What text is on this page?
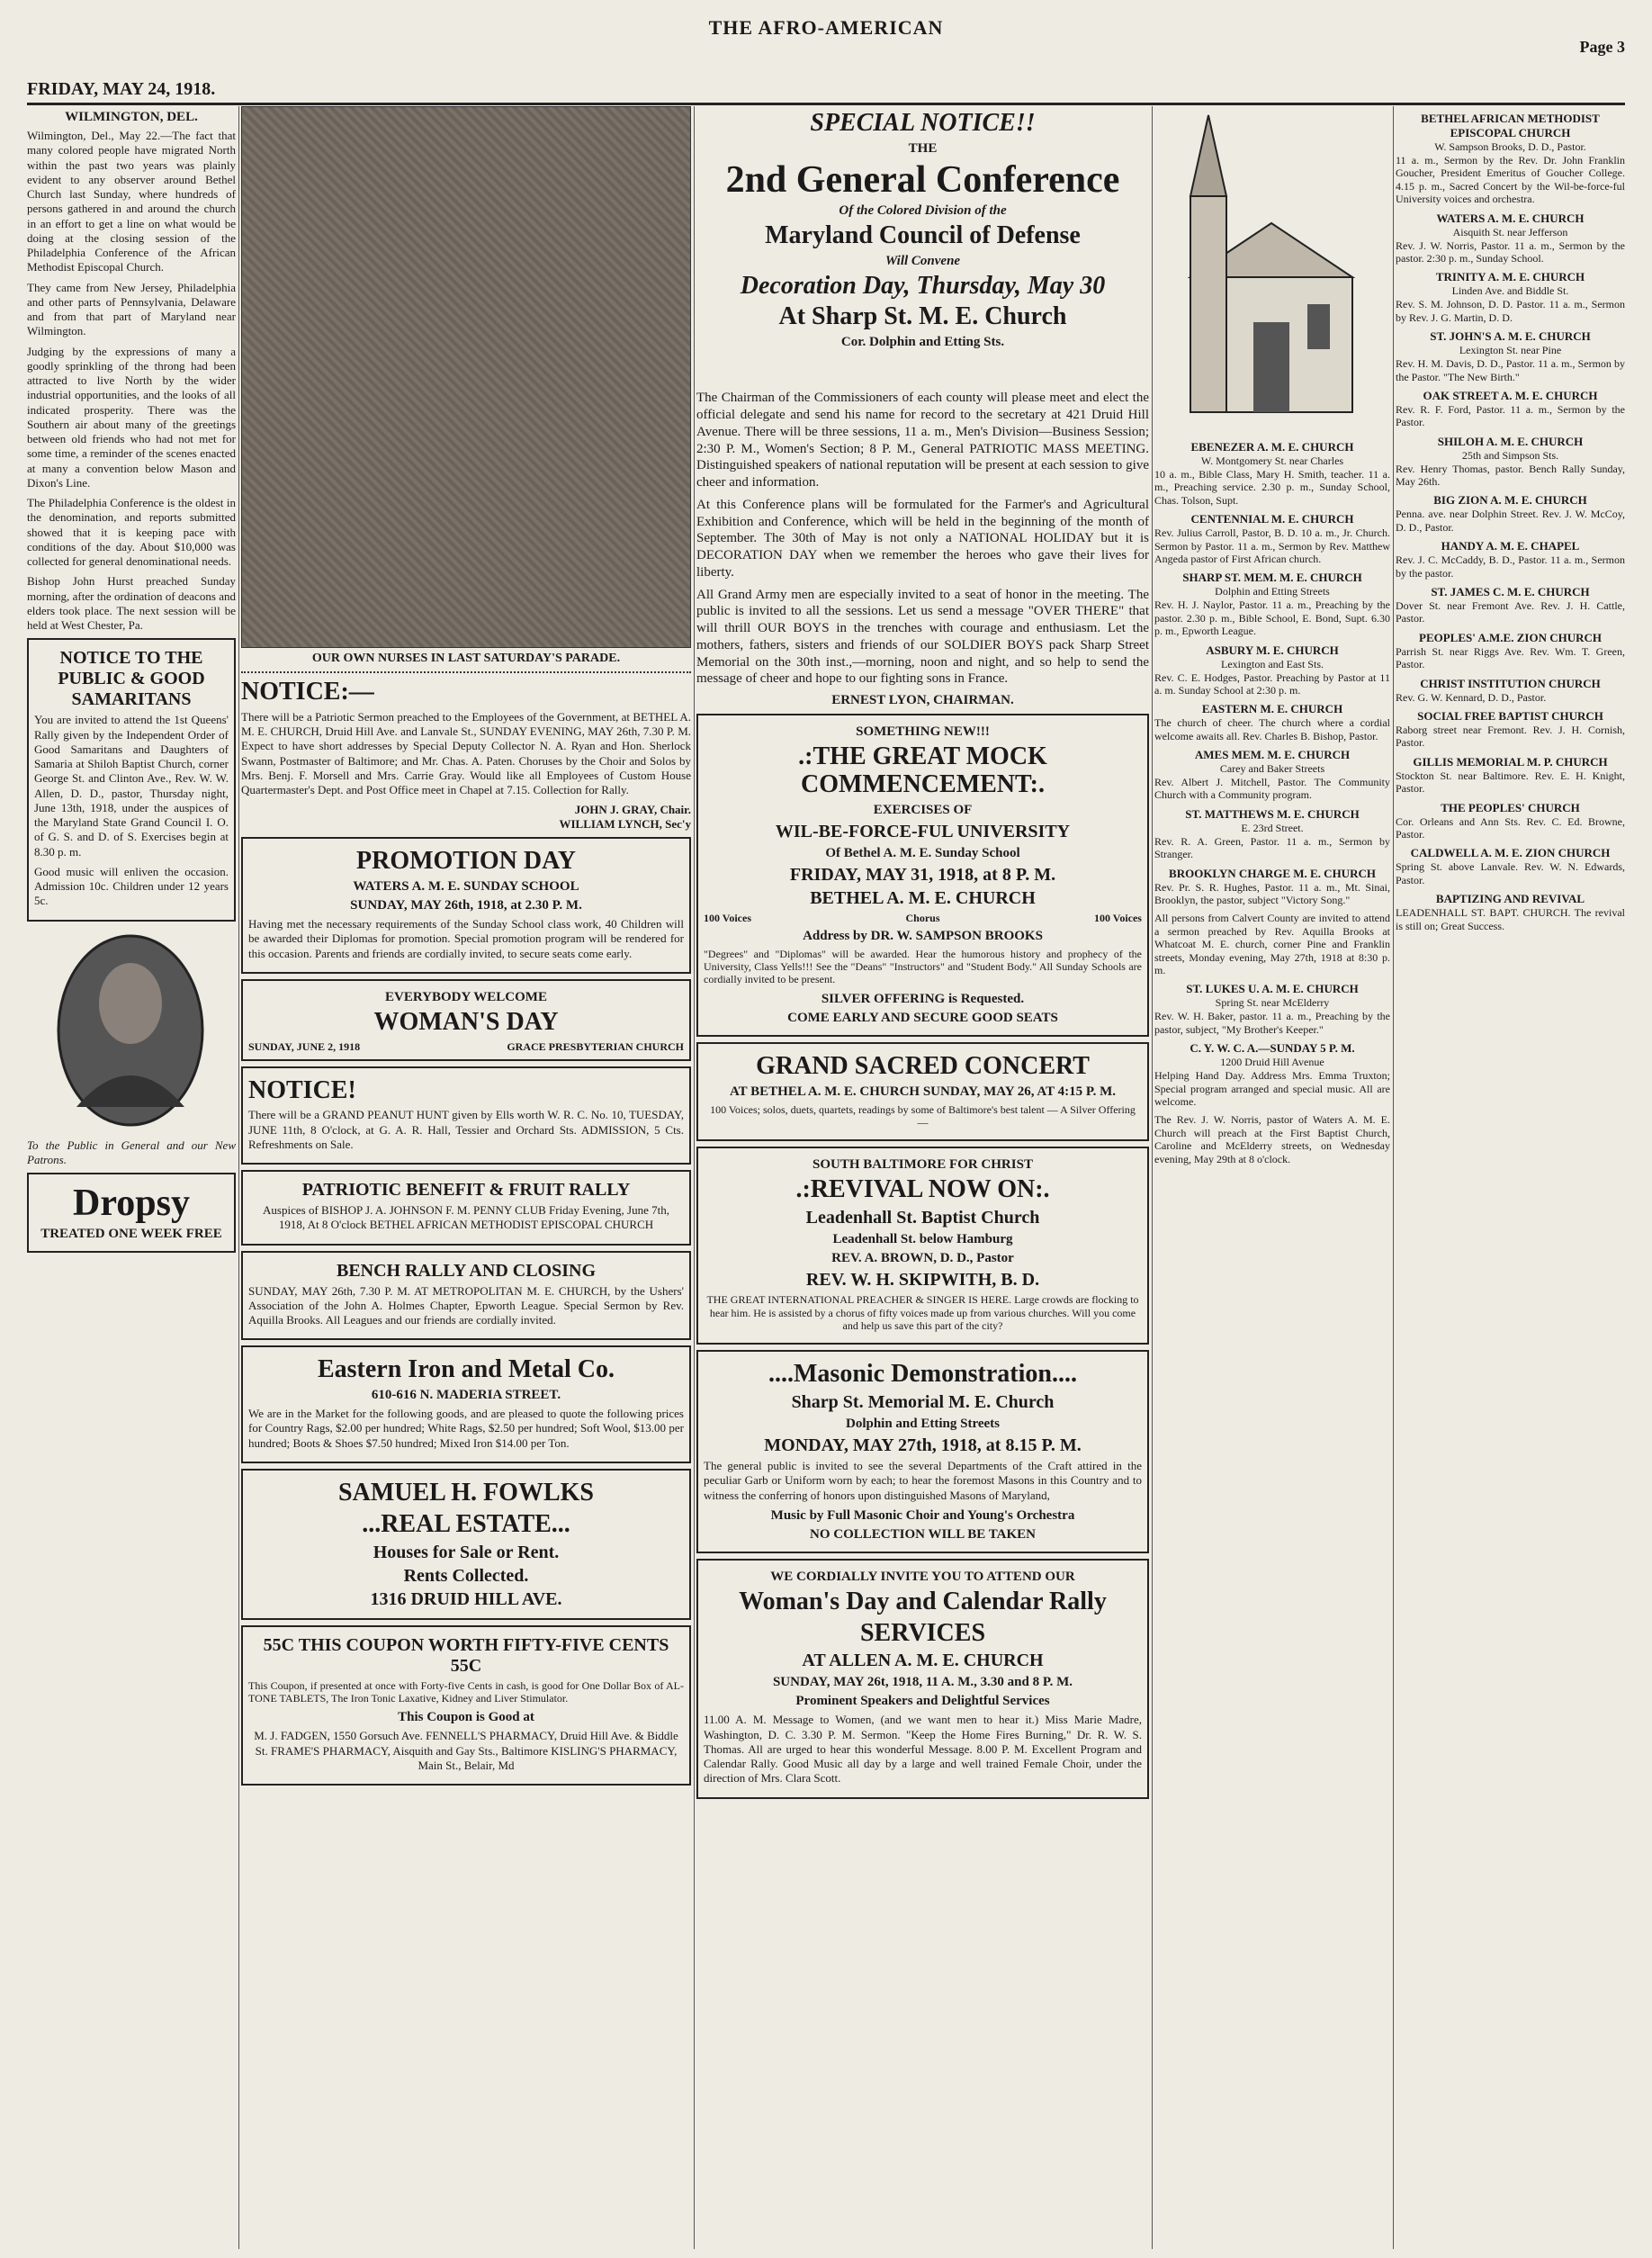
THE AFRO-AMERICAN
FRIDAY, MAY 24, 1918.
Page 3
WILMINGTON, DEL.

Wilmington, Del., May 22.—The fact that many colored people have migrated North within the past two years was plainly evident to any observer around Bethel Church last Sunday, where hundreds of persons gathered in and around the church in an effort to get a line on what would be doing at the closing session of the Philadelphia Conference of the African Methodist Episcopal Church.

They came from New Jersey, Philadelphia and other parts of Pennsylvania, Delaware and from that part of Maryland near Wilmington.

Judging by the expressions of many a goodly sprinkling of the throng had been attracted to live North by the wider industrial opportunities, and the looks of all indicated prosperity. There was the Southern air about many of the greetings between old friends who had not met for some time, a reminder of the scenes enacted at many a convention below Mason and Dixon's Line.

The Philadelphia Conference is the oldest in the denomination, and reports submitted showed that it is keeping pace with conditions of the day. About $10,000 was collected for general denominational needs.

Bishop John Hurst preached Sunday morning, after the ordination of deacons and elders took place. The next session will be held at West Chester, Pa.

NOTICE TO THE PUBLIC & GOOD SAMARITANS

You are invited to attend the 1st Queens' Rally given by the Independent Order of Good Samaritans and Daughters of Samaria at Shiloh Baptist Church, corner George St. and Clinton Ave., Rev. W. W. Allen, D. D., pastor, Thursday night, June 13th, 1918, under the auspices of the Maryland State Grand Council I. O. of G. S. and D. of S. Exercises begin at 8.30 p. m.

Good music will enliven the occasion. Admission 10c. Children under 12 years 5c.

To the Public in General and our New Patrons.
Dropsy
TREATED ONE WEEK FREE
OUR OWN NURSES IN LAST SATURDAY'S PARADE.
NOTICE:—

There will be a Patriotic Sermon preached to the Employees of the Government, at BETHEL A. M. E. CHURCH, Druid Hill Ave. and Lanvale St., SUNDAY EVENING, MAY 26th, 7.30 P. M. Expect to have short addresses by Special Deputy Collector N. A. Ryan and Hon. Sherlock Swann, Postmaster of Baltimore; and Mr. Chas. A. Paten. Choruses by the Choir and Solos by Mrs. Benj. F. Morsell and Mrs. Carrie Gray. Would like all Employees of Custom House Quartermaster's Dept. and Post Office meet in Chapel at 7.15. Collection for Rally.

JOHN J. GRAY, Chair.
WILLIAM LYNCH, Sec'y
PROMOTION DAY
WATERS A. M. E. SUNDAY SCHOOL
SUNDAY, MAY 26th, 1918, at 2.30 P. M.

Having met the necessary requirements of the Sunday School class work, 40 Children will be awarded their Diplomas for promotion. Special promotion program will be rendered for this occasion. Parents and friends are cordially invited, to secure seats come early.

EVERYBODY WELCOME
WOMAN'S DAY
SUNDAY, JUNE 2, 1918	GRACE PRESBYTERIAN CHURCH
NOTICE!

There will be a GRAND PEANUT HUNT given by Ells worth W. R. C. No. 10, TUESDAY, JUNE 11th, 8 O'clock, at G. A. R. Hall, Tessier and Orchard Sts. ADMISSION, 5 Cts. Refreshments on Sale.

PATRIOTIC BENEFIT & FRUIT RALLY

Auspices of BISHOP J. A. JOHNSON F. M. PENNY CLUB Friday Evening, June 7th, 1918, At 8 O'clock BETHEL AFRICAN METHODIST EPISCOPAL CHURCH

BENCH RALLY AND CLOSING

SUNDAY, MAY 26th, 7.30 P. M. AT METROPOLITAN M. E. CHURCH, by the Ushers' Association of the John A. Holmes Chapter, Epworth League. Special Sermon by Rev. Aquilla Brooks. All Leagues and our friends are cordially invited.

Eastern Iron and Metal Co.
610-616 N. MADERIA STREET.

We are in the Market for the following goods, and are pleased to quote the following prices for Country Rags, $2.00 per hundred; White Rags, $2.50 per hundred; Soft Wool, $13.00 per hundred; Boots & Shoes $7.50 hundred; Mixed Iron $14.00 per Ton.

SAMUEL H. FOWLKS
...REAL ESTATE...
Houses for Sale or Rent.
Rents Collected.
1316 DRUID HILL AVE.
55C THIS COUPON WORTH FIFTY-FIVE CENTS 55C

This Coupon, if presented at once with Forty-five Cents in cash, is good for One Dollar Box of AL-TONE TABLETS, The Iron Tonic Laxative, Kidney and Liver Stimulator.

This Coupon is Good at

M. J. FADGEN, 1550 Gorsuch Ave. FENNELL'S PHARMACY, Druid Hill Ave. & Biddle St. FRAME'S PHARMACY, Aisquith and Gay Sts., Baltimore KISLING'S PHARMACY, Main St., Belair, Md

SPECIAL NOTICE!!
THE
2nd General Conference
Of the Colored Division of the
Maryland Council of Defense
Will Convene
Decoration Day, Thursday, May 30
At Sharp St. M. E. Church
Cor. Dolphin and Etting Sts.

The Chairman of the Commissioners of each county will please meet and elect the official delegate and send his name for record to the secretary at 421 Druid Hill Avenue. There will be three sessions, 11 a. m., Men's Division—Business Session; 2:30 P. M., Women's Section; 8 P. M., General PATRIOTIC MASS MEETING. Distinguished speakers of national reputation will be present at each session to give cheer and information.

At this Conference plans will be formulated for the Farmer's and Agricultural Exhibition and Conference, which will be held in the beginning of the month of September. The 30th of May is not only a NATIONAL HOLIDAY but it is DECORATION DAY when we remember the heroes who gave their lives for liberty.

All Grand Army men are especially invited to a seat of honor in the meeting. The public is invited to all the sessions. Let us send a message "OVER THERE" that will thrill OUR BOYS in the trenches with courage and enthusiasm. Let the mothers, fathers, sisters and friends of our SOLDIER BOYS pack Sharp Street Memorial on the 30th inst.,—morning, noon and night, and so help to send the message of cheer and hope to our fighting sons in France.

ERNEST LYON, CHAIRMAN.
SOMETHING NEW!!!
.:THE GREAT MOCK COMMENCEMENT:.
EXERCISES OF
WIL-BE-FORCE-FUL UNIVERSITY
Of Bethel A. M. E. Sunday School
FRIDAY, MAY 31, 1918, at 8 P. M.
BETHEL A. M. E. CHURCH
100 Voices	Chorus	100 Voices
Address by DR. W. SAMPSON BROOKS

"Degrees" and "Diplomas" will be awarded. Hear the humorous history and prophecy of the University, Class Yells!!! See the "Deans" "Instructors" and "Student Body." All Sunday Schools are cordially invited to be present.

SILVER OFFERING is Requested.
COME EARLY AND SECURE GOOD SEATS
GRAND SACRED CONCERT
AT BETHEL A. M. E. CHURCH SUNDAY, MAY 26, AT 4:15 P. M.

100 Voices; solos, duets, quartets, readings by some of Baltimore's best talent — A Silver Offering —

SOUTH BALTIMORE FOR CHRIST
.:REVIVAL NOW ON:.
Leadenhall St. Baptist Church
Leadenhall St. below Hamburg
REV. A. BROWN, D. D., Pastor
REV. W. H. SKIPWITH, B. D.

THE GREAT INTERNATIONAL PREACHER & SINGER IS HERE. Large crowds are flocking to hear him. He is assisted by a chorus of fifty voices made up from various churches. Will you come and help us save this part of the city?

....Masonic Demonstration....
Sharp St. Memorial M. E. Church
Dolphin and Etting Streets
MONDAY, MAY 27th, 1918, at 8.15 P. M.

The general public is invited to see the several Departments of the Craft attired in the peculiar Garb or Uniform worn by each; to hear the foremost Masons in this Country and to witness the conferring of honors upon distinguished Masons of Maryland,

Music by Full Masonic Choir and Young's Orchestra
NO COLLECTION WILL BE TAKEN
WE CORDIALLY INVITE YOU TO ATTEND OUR
Woman's Day and Calendar Rally
SERVICES
AT ALLEN A. M. E. CHURCH
SUNDAY, MAY 26t, 1918, 11 A. M., 3.30 and 8 P. M.
Prominent Speakers and Delightful Services

11.00 A. M. Message to Women, (and we want men to hear it.) Miss Marie Madre, Washington, D. C. 3.30 P. M. Sermon. "Keep the Home Fires Burning," Dr. R. W. S. Thomas. All are urged to hear this wonderful Message. 8.00 P. M. Excellent Program and Calendar Rally. Good Music all day by a large and well trained Female Choir, under the direction of Mrs. Clara Scott.

EBENEZER A. M. E. CHURCH
W. Montgomery St. near Charles

10 a. m., Bible Class, Mary H. Smith, teacher. 11 a. m., Preaching service. 2.30 p. m., Sunday School, Chas. Tolson, Supt.

CENTENNIAL M. E. CHURCH

Rev. Julius Carroll, Pastor, B. D. 10 a. m., Jr. Church. Sermon by Pastor. 11 a. m., Sermon by Rev. Matthew Angeda pastor of First African church.

SHARP ST. MEM. M. E. CHURCH
Dolphin and Etting Streets

Rev. H. J. Naylor, Pastor. 11 a. m., Preaching by the pastor. 2.30 p. m., Bible School, E. Bond, Supt. 6.30 p. m., Epworth League.

ASBURY M. E. CHURCH
Lexington and East Sts.

Rev. C. E. Hodges, Pastor. Preaching by Pastor at 11 a. m. Sunday School at 2:30 p. m.

EASTERN M. E. CHURCH

The church of cheer. The church where a cordial welcome awaits all. Rev. Charles B. Bishop, Pastor.

AMES MEM. M. E. CHURCH
Carey and Baker Streets

Rev. Albert J. Mitchell, Pastor. The Community Church with a Community program.

ST. MATTHEWS M. E. CHURCH
E. 23rd Street.

Rev. R. A. Green, Pastor. 11 a. m., Sermon by Stranger.

BROOKLYN CHARGE M. E. CHURCH

Rev. Pr. S. R. Hughes, Pastor. 11 a. m., Mt. Sinai, Brooklyn, the pastor, subject "Victory Song."

All persons from Calvert County are invited to attend a sermon preached by Rev. Aquilla Brooks at Whatcoat M. E. church, corner Pine and Franklin streets, Monday evening, May 27th, 1918 at 8:30 p. m.

ST. LUKES U. A. M. E. CHURCH
Spring St. near McElderry

Rev. W. H. Baker, pastor. 11 a. m., Preaching by the pastor, subject, "My Brother's Keeper."

C. Y. W. C. A.—SUNDAY 5 P. M.
1200 Druid Hill Avenue

Helping Hand Day. Address Mrs. Emma Truxton; Special program arranged and special music. All are welcome.

The Rev. J. W. Norris, pastor of Waters A. M. E. Church will preach at the First Baptist Church, Caroline and McElderry streets, on Wednesday evening, May 29th at 8 o'clock.

BETHEL AFRICAN METHODIST EPISCOPAL CHURCH
W. Sampson Brooks, D. D., Pastor.

11 a. m., Sermon by the Rev. Dr. John Franklin Goucher, President Emeritus of Goucher College. 4.15 p. m., Sacred Concert by the Wil-be-force-ful University voices and orchestra.

WATERS A. M. E. CHURCH
Aisquith St. near Jefferson

Rev. J. W. Norris, Pastor. 11 a. m., Sermon by the pastor. 2:30 p. m., Sunday School.

TRINITY A. M. E. CHURCH
Linden Ave. and Biddle St.

Rev. S. M. Johnson, D. D. Pastor. 11 a. m., Sermon by Rev. J. G. Martin, D. D.

ST. JOHN'S A. M. E. CHURCH
Lexington St. near Pine

Rev. H. M. Davis, D. D., Pastor. 11 a. m., Sermon by the Pastor. "The New Birth."

OAK STREET A. M. E. CHURCH

Rev. R. F. Ford, Pastor. 11 a. m., Sermon by the Pastor.

SHILOH A. M. E. CHURCH
25th and Simpson Sts.

Rev. Henry Thomas, pastor. Bench Rally Sunday, May 26th.

BIG ZION A. M. E. CHURCH

Penna. ave. near Dolphin Street. Rev. J. W. McCoy, D. D., Pastor.

HANDY A. M. E. CHAPEL

Rev. J. C. McCaddy, B. D., Pastor. 11 a. m., Sermon by the pastor.

ST. JAMES C. M. E. CHURCH

Dover St. near Fremont Ave. Rev. J. H. Cattle, Pastor.

PEOPLES' A.M.E. ZION CHURCH

Parrish St. near Riggs Ave. Rev. Wm. T. Green, Pastor.

CHRIST INSTITUTION CHURCH

Rev. G. W. Kennard, D. D., Pastor.

SOCIAL FREE BAPTIST CHURCH

Raborg street near Fremont. Rev. J. H. Cornish, Pastor.

GILLIS MEMORIAL M. P. CHURCH

Stockton St. near Baltimore. Rev. E. H. Knight, Pastor.

THE PEOPLES' CHURCH

Cor. Orleans and Ann Sts. Rev. C. Ed. Browne, Pastor.

CALDWELL A. M. E. ZION CHURCH

Spring St. above Lanvale. Rev. W. N. Edwards, Pastor.

BAPTIZING AND REVIVAL

LEADENHALL ST. BAPT. CHURCH. The revival is still on; Great Success.
